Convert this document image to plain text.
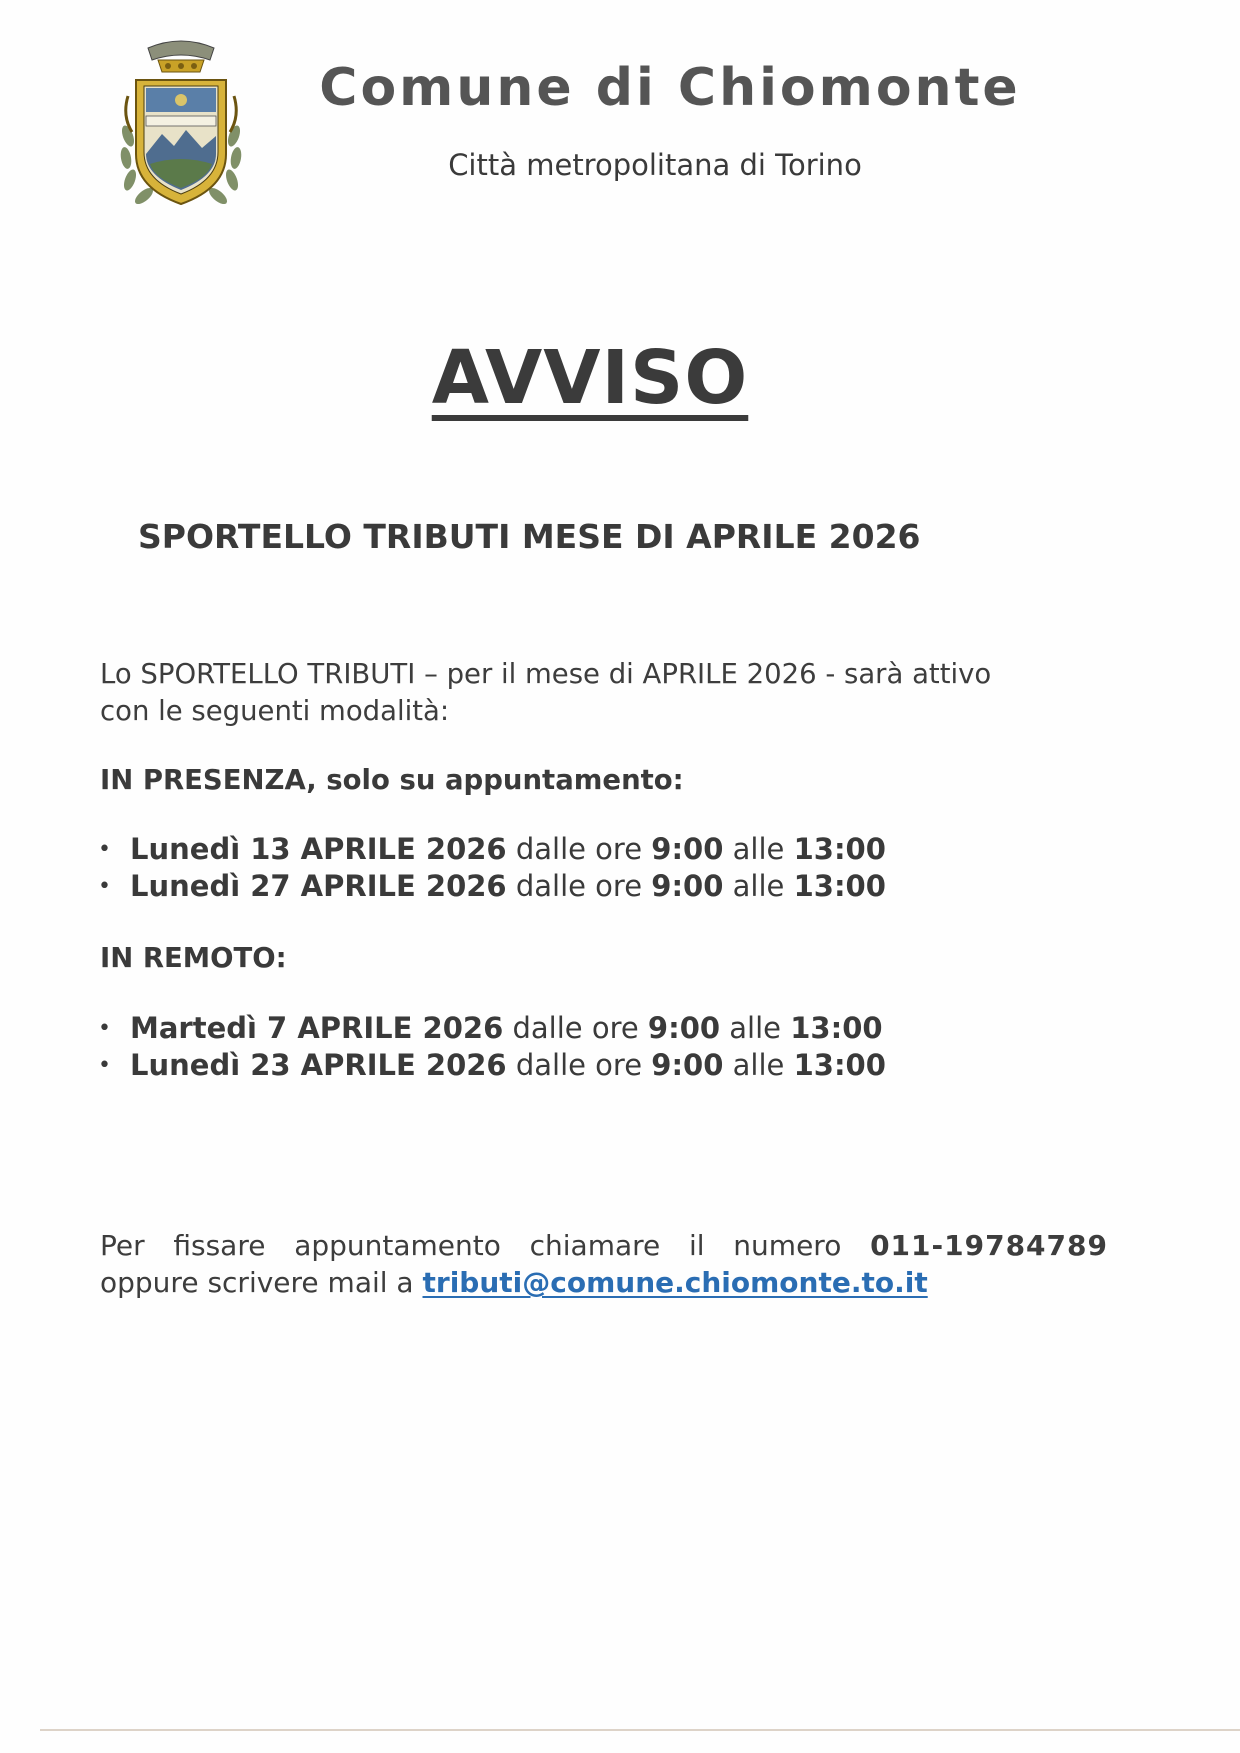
Comune di Chiomonte
Città metropolitana di Torino
AVVISO
SPORTELLO TRIBUTI MESE DI APRILE 2026
Lo SPORTELLO TRIBUTI – per il mese di APRILE 2026 - sarà attivo
con le seguenti modalità:
IN PRESENZA, solo su appuntamento:
• Lunedì 13 APRILE 2026 dalle ore 9:00 alle 13:00
• Lunedì 27 APRILE 2026 dalle ore 9:00 alle 13:00
IN REMOTO:
• Martedì 7 APRILE 2026 dalle ore 9:00 alle 13:00
• Lunedì 23 APRILE 2026 dalle ore 9:00 alle 13:00
Per fissare appuntamento chiamare il numero 011-19784789
oppure scrivere mail a tributi@comune.chiomonte.to.it
